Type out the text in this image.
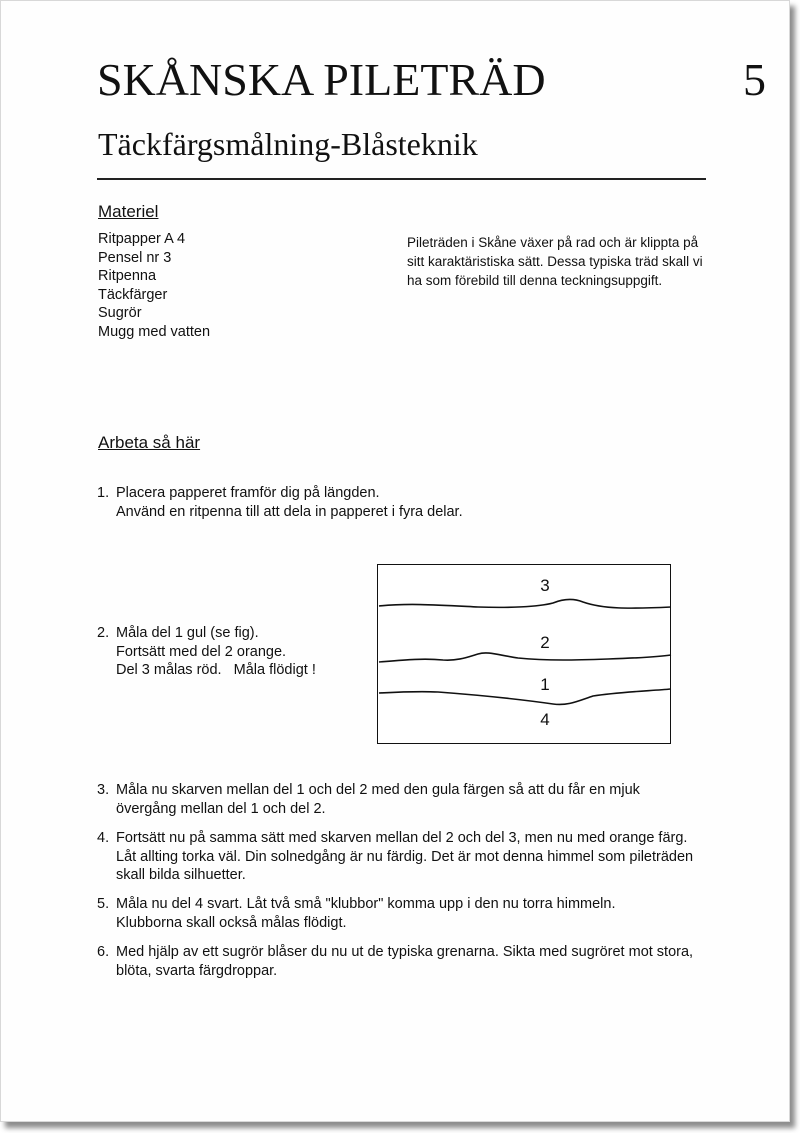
SKÅNSKA PILETRÄD	5
Täckfärgsmålning-Blåsteknik
Materiel
Ritpapper A 4
Pensel nr 3
Ritpenna
Täckfärger
Sugrör
Mugg med vatten

Pileträden i Skåne växer på rad och är klippta på sitt karaktäristiska sätt. Dessa typiska träd skall vi ha som förebild till denna teckningsuppgift.

Arbeta så här
1. Placera papperet framför dig på längden.
Använd en ritpenna till att dela in papperet i fyra delar.
2. Måla del 1 gul (se fig).
Fortsätt med del 2 orange.
Del 3 målas röd.   Måla flödigt !
3
2
1
4
3. Måla nu skarven mellan del 1 och del 2 med den gula färgen så att du får en mjuk
övergång mellan del 1 och del 2.
4. Fortsätt nu på samma sätt med skarven mellan del 2 och del 3, men nu med orange färg.
Låt allting torka väl. Din solnedgång är nu färdig. Det är mot denna himmel som pileträden
skall bilda silhuetter.
5. Måla nu del 4 svart. Låt två små "klubbor" komma upp i den nu torra himmeln.
Klubborna skall också målas flödigt.
6. Med hjälp av ett sugrör blåser du nu ut de typiska grenarna. Sikta med sugröret mot stora,
blöta, svarta färgdroppar.
